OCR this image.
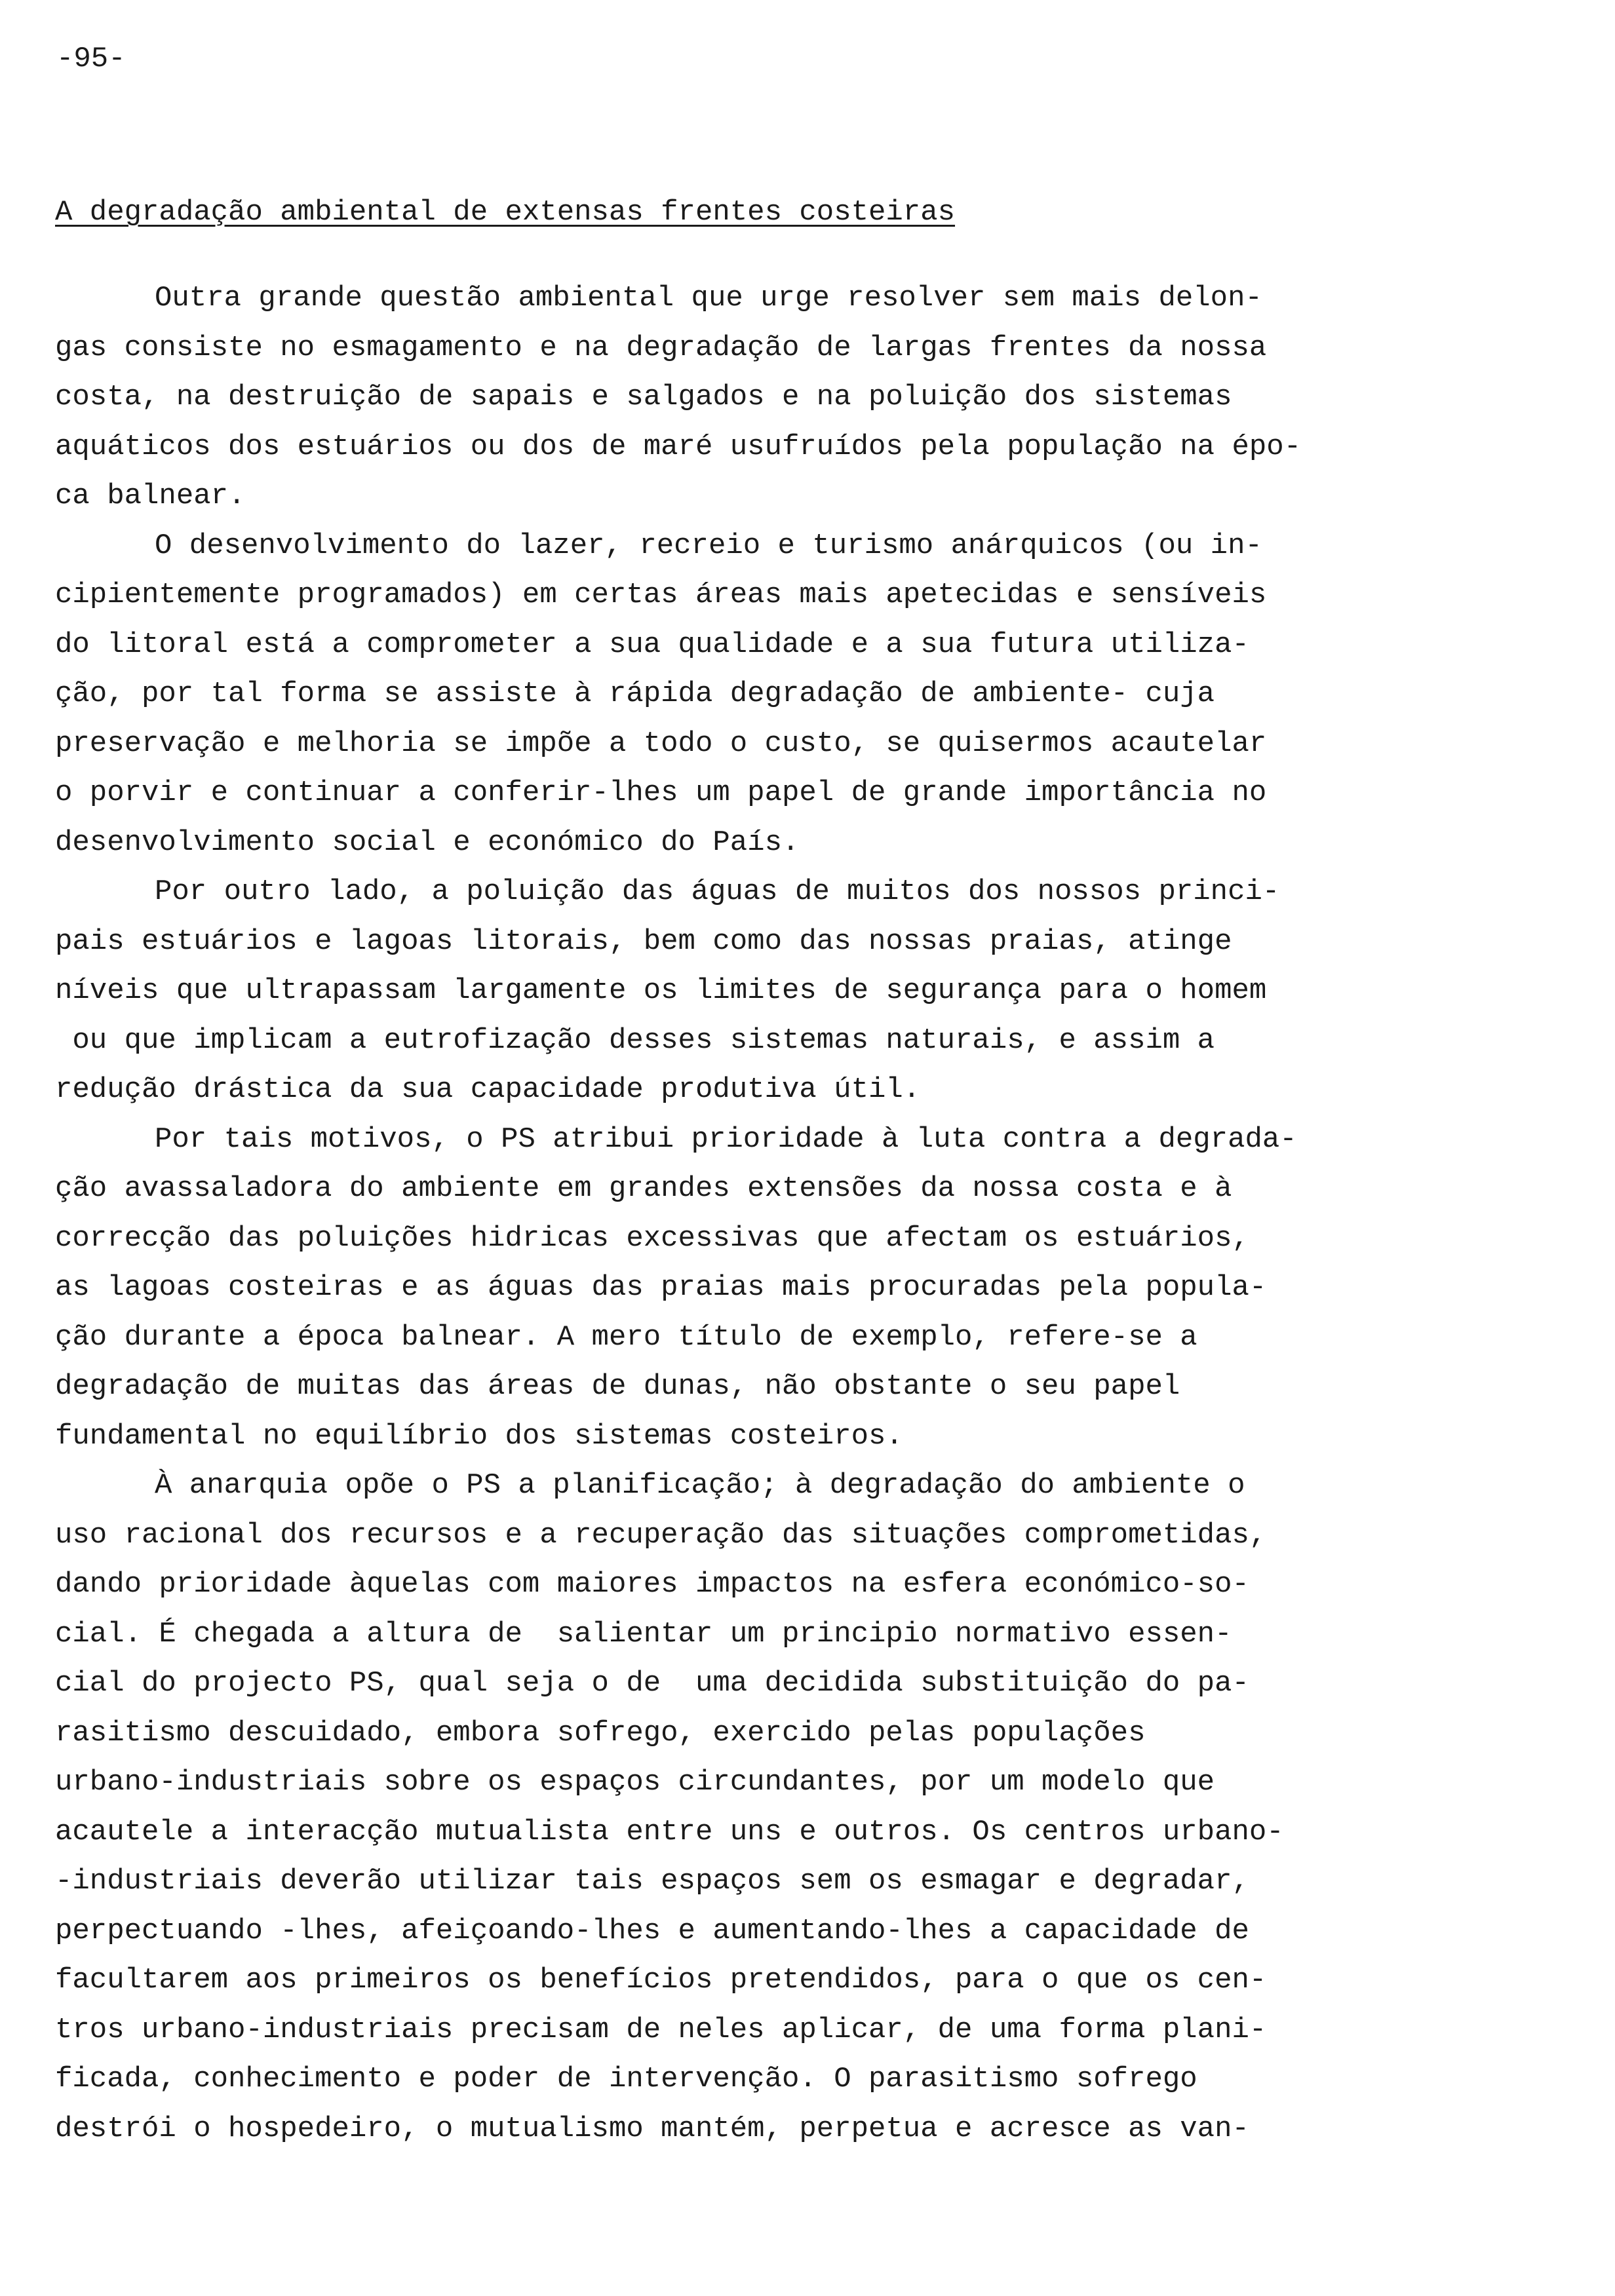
-95-
A degradação ambiental de extensas frentes costeiras
Outra grande questão ambiental que urge resolver sem mais delon-
gas consiste no esmagamento e na degradação de largas frentes da nossa
costa, na destruição de sapais e salgados e na poluição dos sistemas
aquáticos dos estuários ou dos de maré usufruídos pela população na épo-
ca balnear.
O desenvolvimento do lazer, recreio e turismo anárquicos (ou in-
cipientemente programados) em certas áreas mais apetecidas e sensíveis
do litoral está a comprometer a sua qualidade e a sua futura utiliza-
ção, por tal forma se assiste à rápida degradação de ambiente- cuja
preservação e melhoria se impõe a todo o custo, se quisermos acautelar
o porvir e continuar a conferir-lhes um papel de grande importância no
desenvolvimento social e económico do País.
Por outro lado, a poluição das águas de muitos dos nossos princi-
pais estuários e lagoas litorais, bem como das nossas praias, atinge
níveis que ultrapassam largamente os limites de segurança para o homem
ou que implicam a eutrofização desses sistemas naturais, e assim a
redução drástica da sua capacidade produtiva útil.
Por tais motivos, o PS atribui prioridade à luta contra a degrada-
ção avassaladora do ambiente em grandes extensões da nossa costa e à
correcção das poluições hidricas excessivas que afectam os estuários,
as lagoas costeiras e as águas das praias mais procuradas pela popula-
ção durante a época balnear. A mero título de exemplo, refere-se a
degradação de muitas das áreas de dunas, não obstante o seu papel
fundamental no equilíbrio dos sistemas costeiros.
À anarquia opõe o PS a planificação; à degradação do ambiente o
uso racional dos recursos e a recuperação das situações comprometidas,
dando prioridade àquelas com maiores impactos na esfera económico-so-
cial. É chegada a altura de  salientar um principio normativo essen-
cial do projecto PS, qual seja o de  uma decidida substituição do pa-
rasitismo descuidado, embora sofrego, exercido pelas populações
urbano-industriais sobre os espaços circundantes, por um modelo que
acautele a interacção mutualista entre uns e outros. Os centros urbano-
-industriais deverão utilizar tais espaços sem os esmagar e degradar,
perpectuando -lhes, afeiçoando-lhes e aumentando-lhes a capacidade de
facultarem aos primeiros os benefícios pretendidos, para o que os cen-
tros urbano-industriais precisam de neles aplicar, de uma forma plani-
ficada, conhecimento e poder de intervenção. O parasitismo sofrego
destrói o hospedeiro, o mutualismo mantém, perpetua e acresce as van-
